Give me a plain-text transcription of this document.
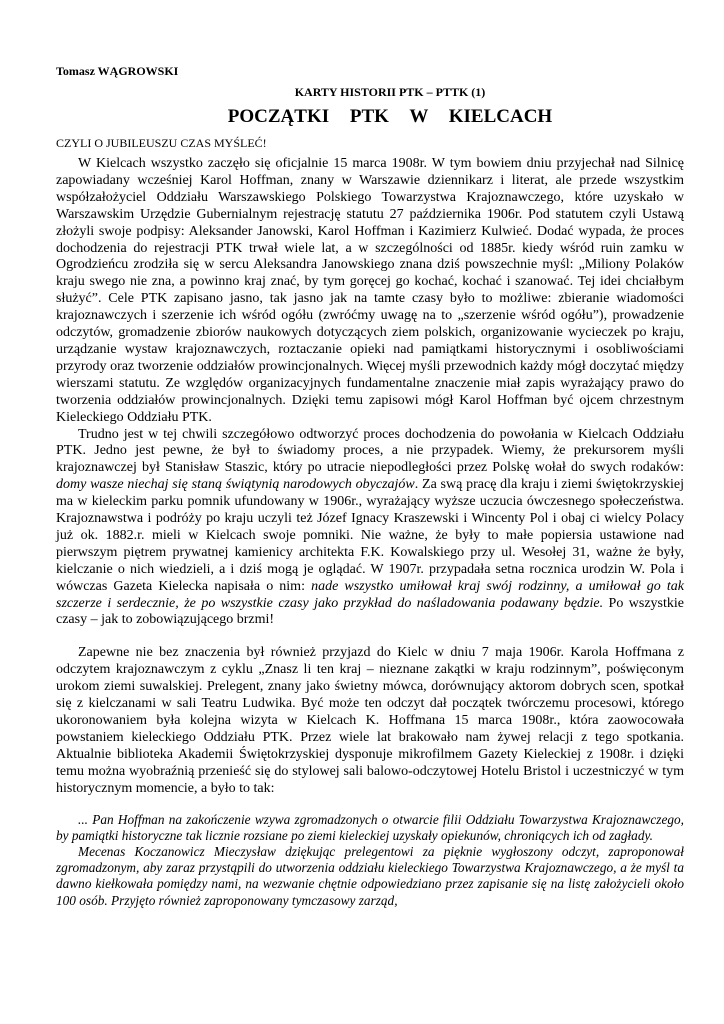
Tomasz WĄGROWSKI
KARTY HISTORII PTK – PTTK (1)
POCZĄTKI PTK W KIELCACH
CZYLI O JUBILEUSZU CZAS MYŚLEĆ!

W Kielcach wszystko zaczęło się oficjalnie 15 marca 1908r. W tym bowiem dniu przyjechał nad Silnicę zapowiadany wcześniej Karol Hoffman, znany w Warszawie dziennikarz i literat, ale przede wszystkim współzałożyciel Oddziału Warszawskiego Polskiego Towarzystwa Krajoznawczego, które uzyskało w Warszawskim Urzędzie Gubernialnym rejestrację statutu 27 października 1906r. Pod statutem czyli Ustawą złożyli swoje podpisy: Aleksander Janowski, Karol Hoffman i Kazimierz Kulwieć. Dodać wypada, że proces dochodzenia do rejestracji PTK trwał wiele lat, a w szczególności od 1885r. kiedy wśród ruin zamku w Ogrodzieńcu zrodziła się w sercu Aleksandra Janowskiego znana dziś powszechnie myśl: „Miliony Polaków kraju swego nie zna, a powinno kraj znać, by tym goręcej go kochać, kochać i szanować. Tej idei chciałbym służyć”. Cele PTK zapisano jasno, tak jasno jak na tamte czasy było to możliwe: zbieranie wiadomości krajoznawczych i szerzenie ich wśród ogółu (zwróćmy uwagę na to „szerzenie wśród ogółu”), prowadzenie odczytów, gromadzenie zbiorów naukowych dotyczących ziem polskich, organizowanie wycieczek po kraju, urządzanie wystaw krajoznawczych, roztaczanie opieki nad pamiątkami historycznymi i osobliwościami przyrody oraz tworzenie oddziałów prowincjonalnych. Więcej myśli przewodnich każdy mógł doczytać między wierszami statutu. Ze względów organizacyjnych fundamentalne znaczenie miał zapis wyrażający prawo do tworzenia oddziałów prowincjonalnych. Dzięki temu zapisowi mógł Karol Hoffman być ojcem chrzestnym Kieleckiego Oddziału PTK.

Trudno jest w tej chwili szczegółowo odtworzyć proces dochodzenia do powołania w Kielcach Oddziału PTK. Jedno jest pewne, że był to świadomy proces, a nie przypadek. Wiemy, że prekursorem myśli krajoznawczej był Stanisław Staszic, który po utracie niepodległości przez Polskę wołał do swych rodaków: domy wasze niechaj się staną świątynią narodowych obyczajów. Za swą pracę dla kraju i ziemi świętokrzyskiej ma w kieleckim parku pomnik ufundowany w 1906r., wyrażający wyższe uczucia ówczesnego społeczeństwa. Krajoznawstwa i podróży po kraju uczyli też Józef Ignacy Kraszewski i Wincenty Pol i obaj ci wielcy Polacy już ok. 1882.r. mieli w Kielcach swoje pomniki. Nie ważne, że były to małe popiersia ustawione nad pierwszym piętrem prywatnej kamienicy architekta F.K. Kowalskiego przy ul. Wesołej 31, ważne że były, kielczanie o nich wiedzieli, a i dziś mogą je oglądać. W 1907r. przypadała setna rocznica urodzin W. Pola i wówczas Gazeta Kielecka napisała o nim: nade wszystko umiłował kraj swój rodzinny, a umiłował go tak szczerze i serdecznie, że po wszystkie czasy jako przykład do naśladowania podawany będzie. Po wszystkie czasy – jak to zobowiązującego brzmi!

Zapewne nie bez znaczenia był również przyjazd do Kielc w dniu 7 maja 1906r. Karola Hoffmana z odczytem krajoznawczym z cyklu „Znasz li ten kraj – nieznane zakątki w kraju rodzinnym”, poświęconym urokom ziemi suwalskiej. Prelegent, znany jako świetny mówca, dorównujący aktorom dobrych scen, spotkał się z kielczanami w sali Teatru Ludwika. Być może ten odczyt dał początek twórczemu procesowi, którego ukoronowaniem była kolejna wizyta w Kielcach K. Hoffmana 15 marca 1908r., która zaowocowała powstaniem kieleckiego Oddziału PTK. Przez wiele lat brakowało nam żywej relacji z tego spotkania. Aktualnie biblioteka Akademii Świętokrzyskiej dysponuje mikrofilmem Gazety Kieleckiej z 1908r. i dzięki temu można wyobraźnią przenieść się do stylowej sali balowo-odczytowej Hotelu Bristol i uczestniczyć w tym historycznym momencie, a było to tak:

... Pan Hoffman na zakończenie wzywa zgromadzonych o otwarcie filii Oddziału Towarzystwa Krajoznawczego, by pamiątki historyczne tak licznie rozsiane po ziemi kieleckiej uzyskały opiekunów, chroniących ich od zagłady.

Mecenas Koczanowicz Mieczysław dziękując prelegentowi za pięknie wygłoszony odczyt, zaproponował zgromadzonym, aby zaraz przystąpili do utworzenia oddziału kieleckiego Towarzystwa Krajoznawczego, a że myśl ta dawno kiełkowała pomiędzy nami, na wezwanie chętnie odpowiedziano przez zapisanie się na listę założycieli około 100 osób. Przyjęto również zaproponowany tymczasowy zarząd,
